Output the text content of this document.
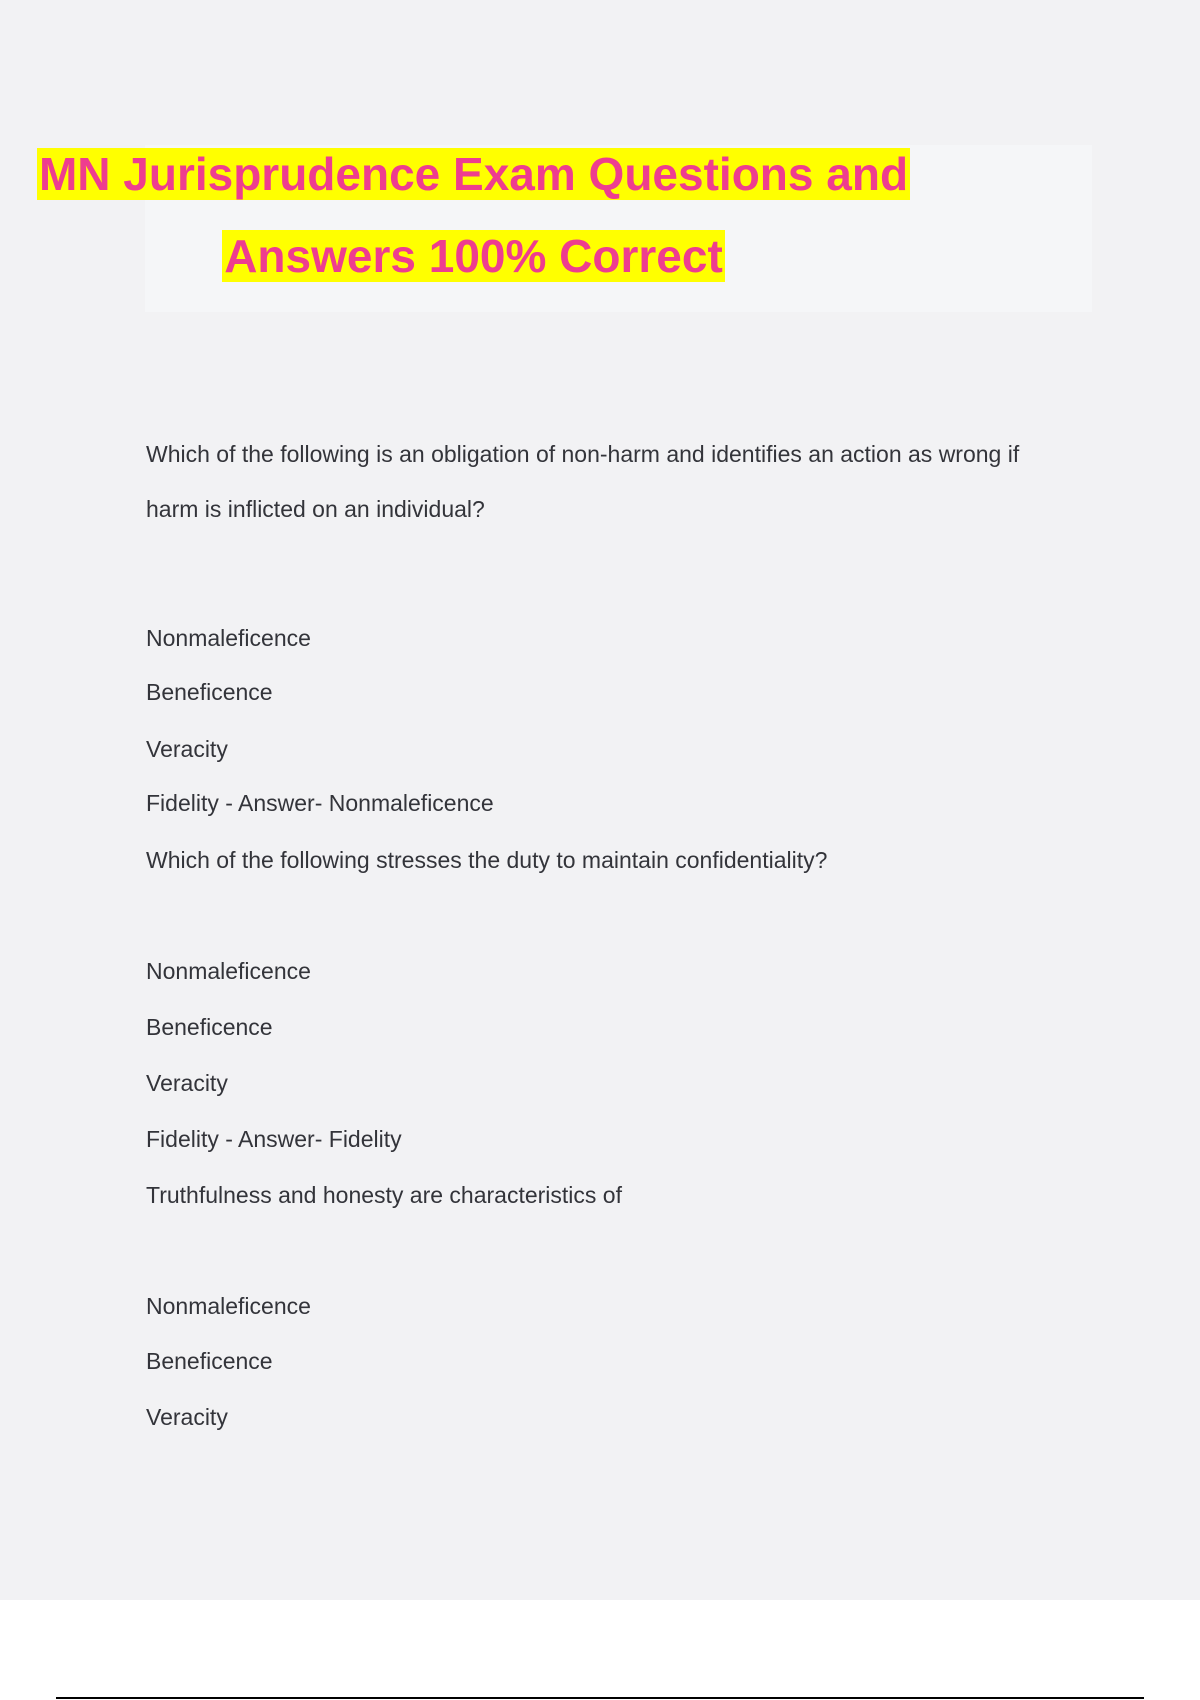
MN Jurisprudence Exam Questions and
Answers 100% Correct
Which of the following is an obligation of non-harm and identifies an action as wrong if
harm is inflicted on an individual?
Nonmaleficence
Beneficence
Veracity
Fidelity - Answer- Nonmaleficence
Which of the following stresses the duty to maintain confidentiality?
Nonmaleficence
Beneficence
Veracity
Fidelity - Answer- Fidelity
Truthfulness and honesty are characteristics of
Nonmaleficence
Beneficence
Veracity
